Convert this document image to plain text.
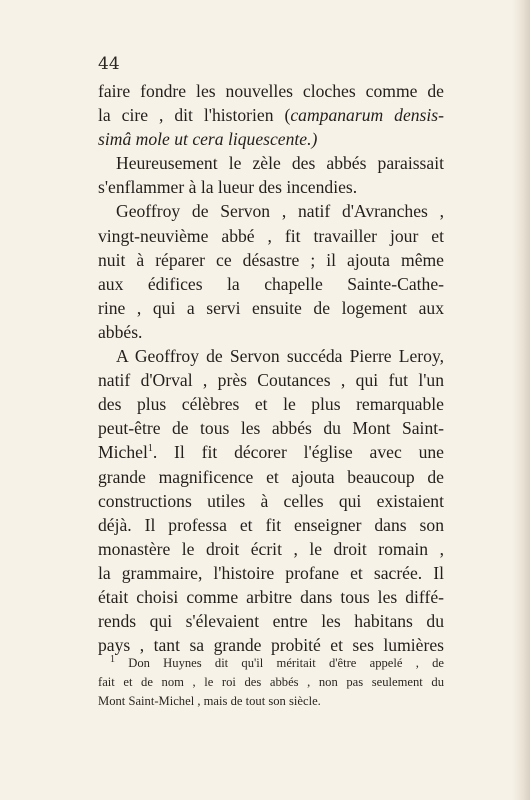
44
faire fondre les nouvelles cloches comme de
la cire , dit l'historien (campanarum densis-
simâ mole ut cera liquescente.)
Heureusement le zèle des abbés paraissait
s'enflammer à la lueur des incendies.
Geoffroy de Servon , natif d'Avranches ,
vingt-neuvième abbé , fit travailler jour et
nuit à réparer ce désastre ; il ajouta même
aux édifices la chapelle Sainte-Cathe-
rine , qui a servi ensuite de logement aux
abbés.
A Geoffroy de Servon succéda Pierre Leroy,
natif d'Orval , près Coutances , qui fut l'un
des plus célèbres et le plus remarquable
peut-être de tous les abbés du Mont Saint-
Michel$^1$. Il fit décorer l'église avec une
grande magnificence et ajouta beaucoup de
constructions utiles à celles qui existaient
déjà. Il professa et fit enseigner dans son
monastère le droit écrit , le droit romain ,
la grammaire, l'histoire profane et sacrée. Il
était choisi comme arbitre dans tous les diffé-
rends qui s'élevaient entre les habitans du
pays , tant sa grande probité et ses lumières
$^1$ Don Huynes dit qu'il méritait d'être appelé , de
fait et de nom , le roi des abbés , non pas seulement du
Mont Saint-Michel , mais de tout son siècle.
